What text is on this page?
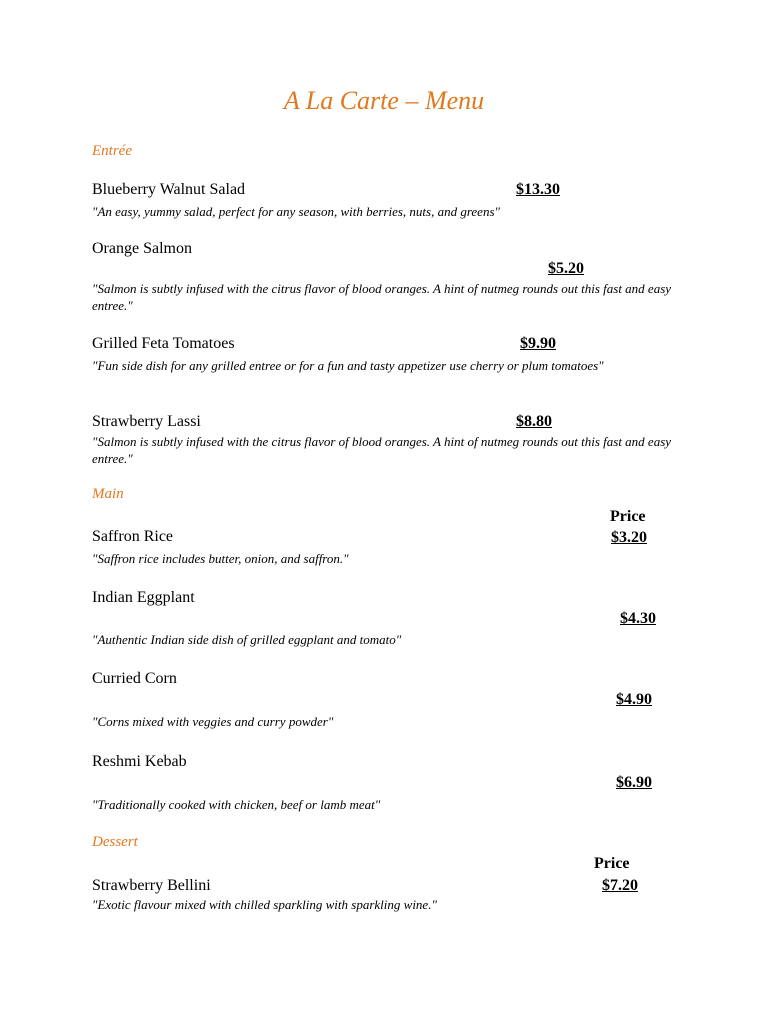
A La Carte – Menu
Entrée
Blueberry Walnut Salad	$13.30
"An easy, yummy salad, perfect for any season, with berries, nuts, and greens"
Orange Salmon
$5.20
"Salmon is subtly infused with the citrus flavor of blood oranges. A hint of nutmeg rounds out this fast and easy entree."
Grilled Feta Tomatoes	$9.90
"Fun side dish for any grilled entree or for a fun and tasty appetizer use cherry or plum tomatoes"
Strawberry Lassi	$8.80
"Salmon is subtly infused with the citrus flavor of blood oranges. A hint of nutmeg rounds out this fast and easy entree."
Main
Price
Saffron Rice	$3.20
"Saffron rice includes butter, onion, and saffron."
Indian Eggplant
$4.30
"Authentic Indian side dish of grilled eggplant and tomato"
Curried Corn
$4.90
"Corns mixed with veggies and curry powder"
Reshmi Kebab
$6.90
"Traditionally cooked with chicken, beef or lamb meat"
Dessert
Price
Strawberry Bellini	$7.20
"Exotic flavour mixed with chilled sparkling with sparkling wine."
